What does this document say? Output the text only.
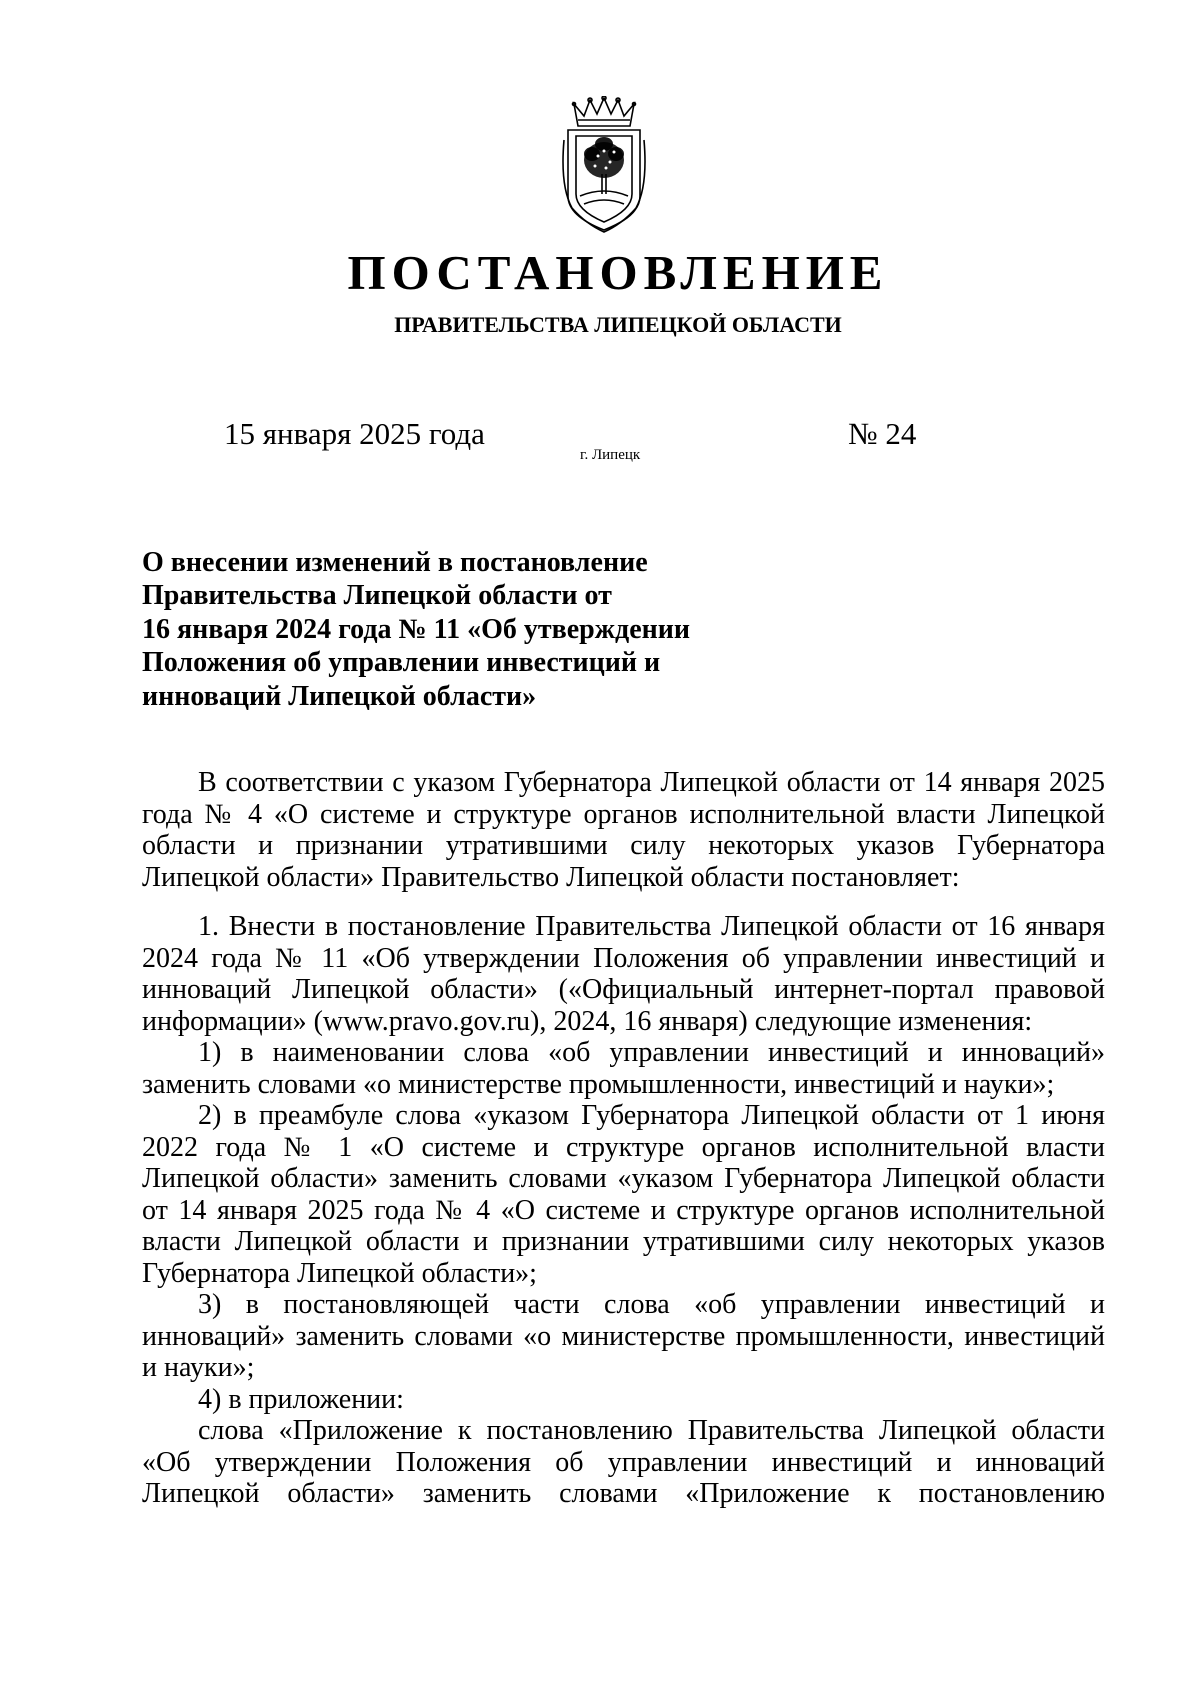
ПОСТАНОВЛЕНИЕ
ПРАВИТЕЛЬСТВА ЛИПЕЦКОЙ ОБЛАСТИ
15 января 2025 года
г. Липецк
№ 24
О внесении изменений в постановление
Правительства Липецкой области от
16 января 2024 года № 11 «Об утверждении
Положения об управлении инвестиций и
инноваций Липецкой области»

В соответствии с указом Губернатора Липецкой области от 14 января 2025 года № 4 «О системе и структуре органов исполнительной власти Липецкой области и признании утратившими силу некоторых указов Губернатора Липецкой области» Правительство Липецкой области постановляет:

1. Внести в постановление Правительства Липецкой области от 16 января 2024 года № 11 «Об утверждении Положения об управлении инвестиций и инноваций Липецкой области» («Официальный интернет-портал правовой информации» (www.pravo.gov.ru), 2024, 16 января) следующие изменения:

1) в наименовании слова «об управлении инвестиций и инноваций» заменить словами «о министерстве промышленности, инвестиций и науки»;

2) в преамбуле слова «указом Губернатора Липецкой области от 1 июня 2022 года № 1 «О системе и структуре органов исполнительной власти Липецкой области» заменить словами «указом Губернатора Липецкой области от 14 января 2025 года № 4 «О системе и структуре органов исполнительной власти Липецкой области и признании утратившими силу некоторых указов Губернатора Липецкой области»;

3) в постановляющей части слова «об управлении инвестиций и инноваций» заменить словами «о министерстве промышленности, инвестиций и науки»;

4) в приложении:

слова «Приложение к постановлению Правительства Липецкой области «Об утверждении Положения об управлении инвестиций и инноваций Липецкой области» заменить словами «Приложение к постановлению
